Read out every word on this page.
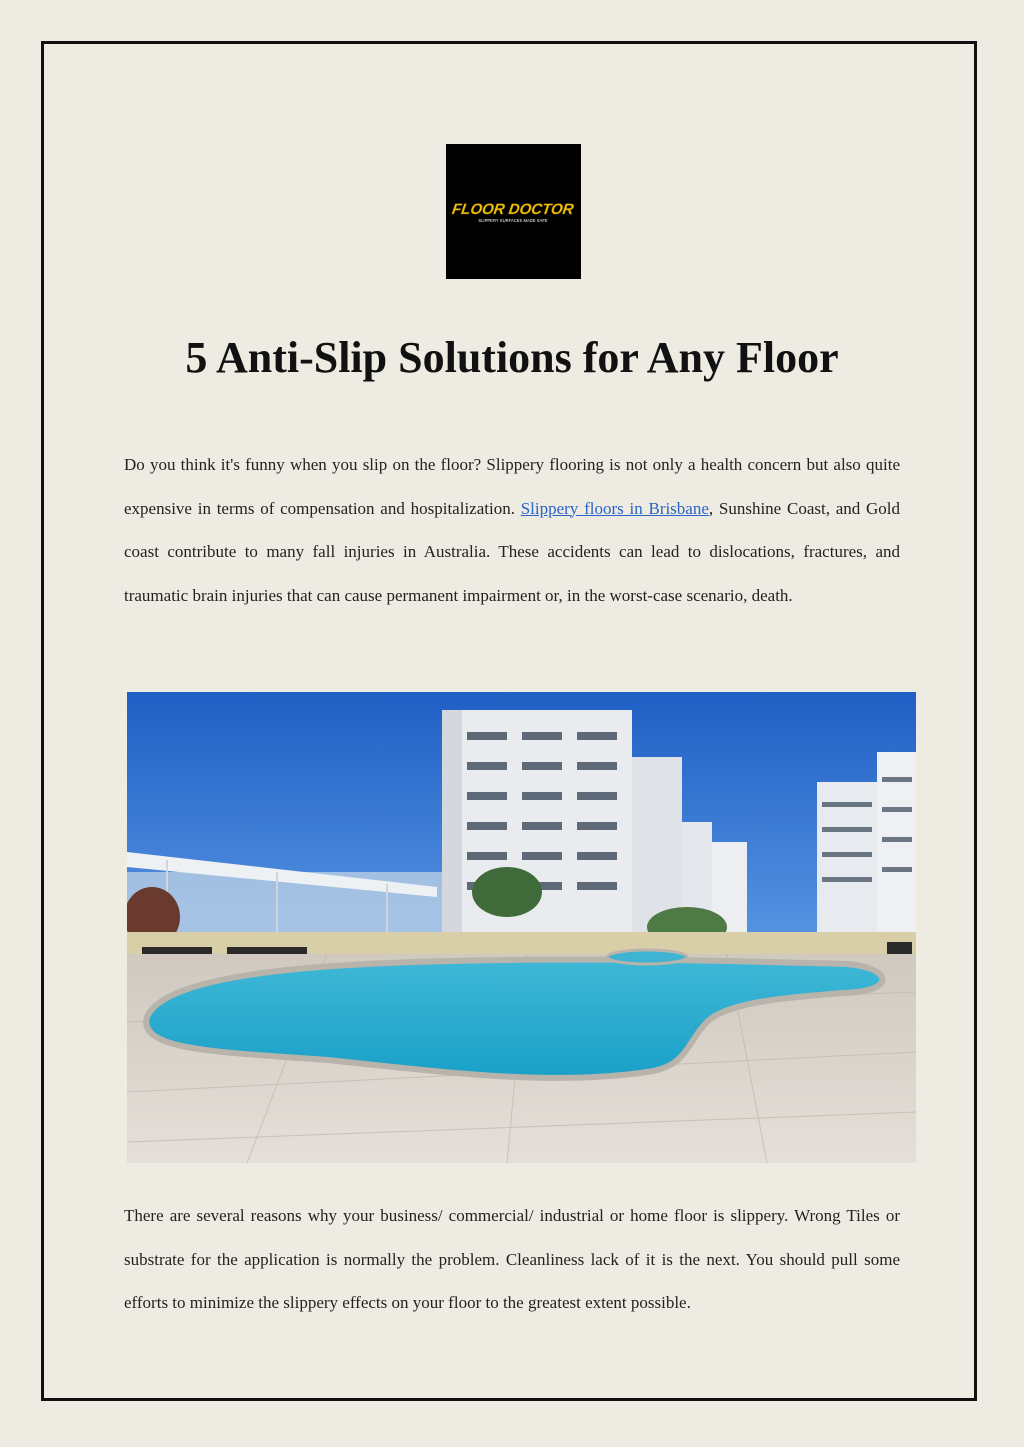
FLOOR DOCTOR
SLIPPERY SURFACES MADE SAFE
5 Anti-Slip Solutions for Any Floor

Do you think it's funny when you slip on the floor? Slippery flooring is not only a health concern but also quite expensive in terms of compensation and hospitalization. Slippery floors in Brisbane, Sunshine Coast, and Gold coast contribute to many fall injuries in Australia. These accidents can lead to dislocations, fractures, and traumatic brain injuries that can cause permanent impairment or, in the worst-case scenario, death.

There are several reasons why your business/ commercial/ industrial or home floor is slippery. Wrong Tiles or substrate for the application is normally the problem. Cleanliness lack of it is the next. You should pull some efforts to minimize the slippery effects on your floor to the greatest extent possible.
